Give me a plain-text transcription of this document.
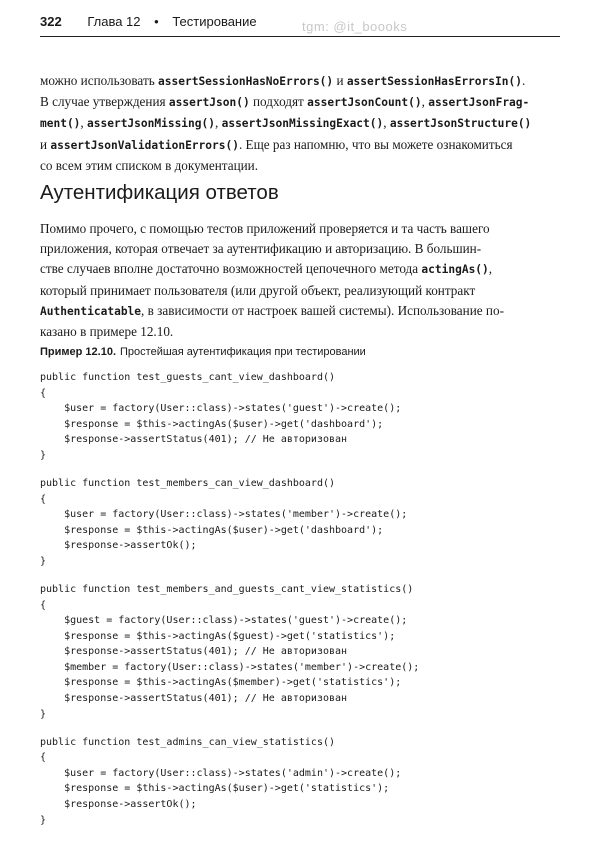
322 Глава 12 • Тестирование	tgm: @it_boooks
можно использовать assertSessionHasNoErrors() и assertSessionHasErrorsIn().
В случае утверждения assertJson() подходят assertJsonCount(), assertJsonFrag-
ment(), assertJsonMissing(), assertJsonMissingExact(), assertJsonStructure()
и assertJsonValidationErrors(). Еще раз напомню, что вы можете ознакомиться
со всем этим списком в документации.
Аутентификация ответов
Помимо прочего, с помощью тестов приложений проверяется и та часть вашего
приложения, которая отвечает за аутентификацию и авторизацию. В большин-
стве случаев вполне достаточно возможностей цепочечного метода actingAs(),
который принимает пользователя (или другой объект, реализующий контракт
Authenticatable, в зависимости от настроек вашей системы). Использование по-
казано в примере 12.10.
Пример 12.10. Простейшая аутентификация при тестировании
public function test_guests_cant_view_dashboard()
{
$user = factory(User::class)->states('guest')->create();
$response = $this->actingAs($user)->get('dashboard');
$response->assertStatus(401); // Не авторизован
}
public function test_members_can_view_dashboard()
{
$user = factory(User::class)->states('member')->create();
$response = $this->actingAs($user)->get('dashboard');
$response->assertOk();
}
public function test_members_and_guests_cant_view_statistics()
{
$guest = factory(User::class)->states('guest')->create();
$response = $this->actingAs($guest)->get('statistics');
$response->assertStatus(401); // Не авторизован
$member = factory(User::class)->states('member')->create();
$response = $this->actingAs($member)->get('statistics');
$response->assertStatus(401); // Не авторизован
}
public function test_admins_can_view_statistics()
{
$user = factory(User::class)->states('admin')->create();
$response = $this->actingAs($user)->get('statistics');
$response->assertOk();
}
